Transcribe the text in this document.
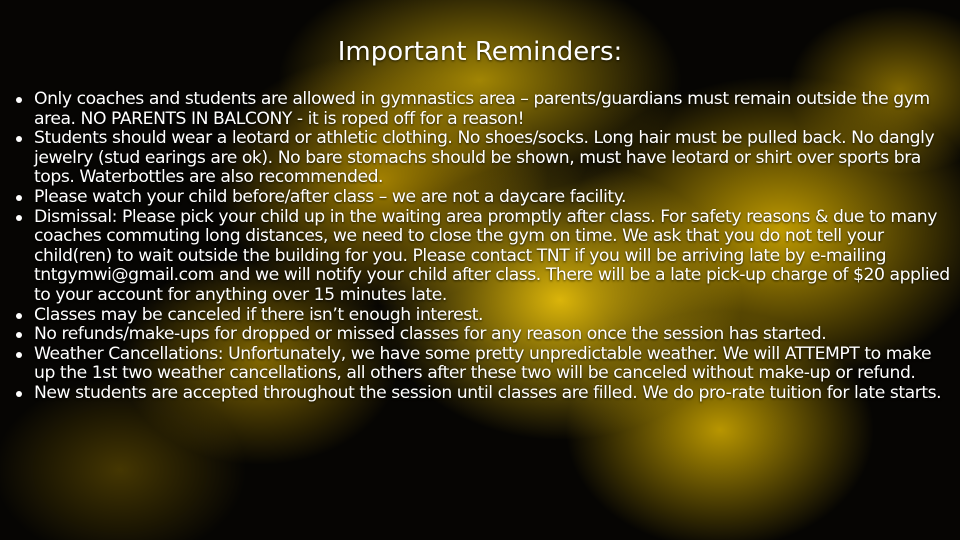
Important Reminders:
Only coaches and students are allowed in gymnastics area – parents/guardians must remain outside the gym area. NO PARENTS IN BALCONY - it is roped off for a reason!
Students should wear a leotard or athletic clothing. No shoes/socks. Long hair must be pulled back. No dangly jewelry (stud earings are ok). No bare stomachs should be shown, must have leotard or shirt over sports bra tops. Waterbottles are also recommended.
Please watch your child before/after class – we are not a daycare facility.
Dismissal: Please pick your child up in the waiting area promptly after class. For safety reasons & due to many coaches commuting long distances, we need to close the gym on time. We ask that you do not tell your child(ren) to wait outside the building for you. Please contact TNT if you will be arriving late by e-mailing tntgymwi@gmail.com and we will notify your child after class. There will be a late pick-up charge of $20 applied to your account for anything over 15 minutes late.
Classes may be canceled if there isn’t enough interest.
No refunds/make-ups for dropped or missed classes for any reason once the session has started.
Weather Cancellations: Unfortunately, we have some pretty unpredictable weather. We will ATTEMPT to make up the 1st two weather cancellations, all others after these two will be canceled without make-up or refund.
New students are accepted throughout the session until classes are filled. We do pro-rate tuition for late starts.
